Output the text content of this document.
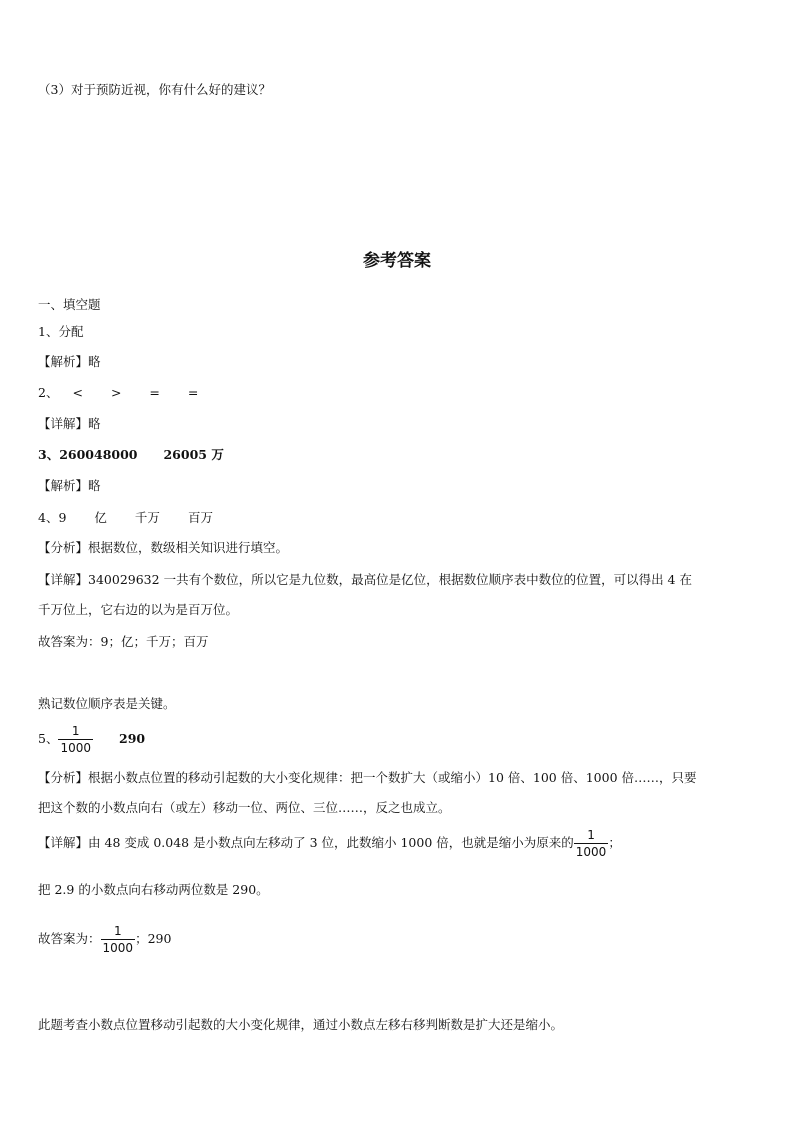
（3）对于预防近视，你有什么好的建议？
参考答案
一、填空题
1、分配
【解析】略
2、 < > = =
【详解】略
3、260048000 26005 万
【解析】略
4、9 亿 千万 百万
【分析】根据数位，数级相关知识进行填空。
【详解】340029632 一共有个数位，所以它是九位数，最高位是亿位，根据数位顺序表中数位的位置，可以得出 4 在
千万位上，它右边的以为是百万位。
故答案为：9；亿；千万；百万
熟记数位顺序表是关键。
5、 $\frac{1}{1000} 290$
【分析】根据小数点位置的移动引起数的大小变化规律：把一个数扩大（或缩小）10 倍、100 倍、1000 倍……，只要
把这个数的小数点向右（或左）移动一位、两位、三位……，反之也成立。
【详解】由 48 变成 0.048 是小数点向左移动了 3 位，此数缩小 1000 倍，也就是缩小为原来的 $\frac{1}{1000}$ ；
把 2.9 的小数点向右移动两位数是 290。
故答案为： $\frac{1}{1000}$ ；290
此题考查小数点位置移动引起数的大小变化规律，通过小数点左移右移判断数是扩大还是缩小。
